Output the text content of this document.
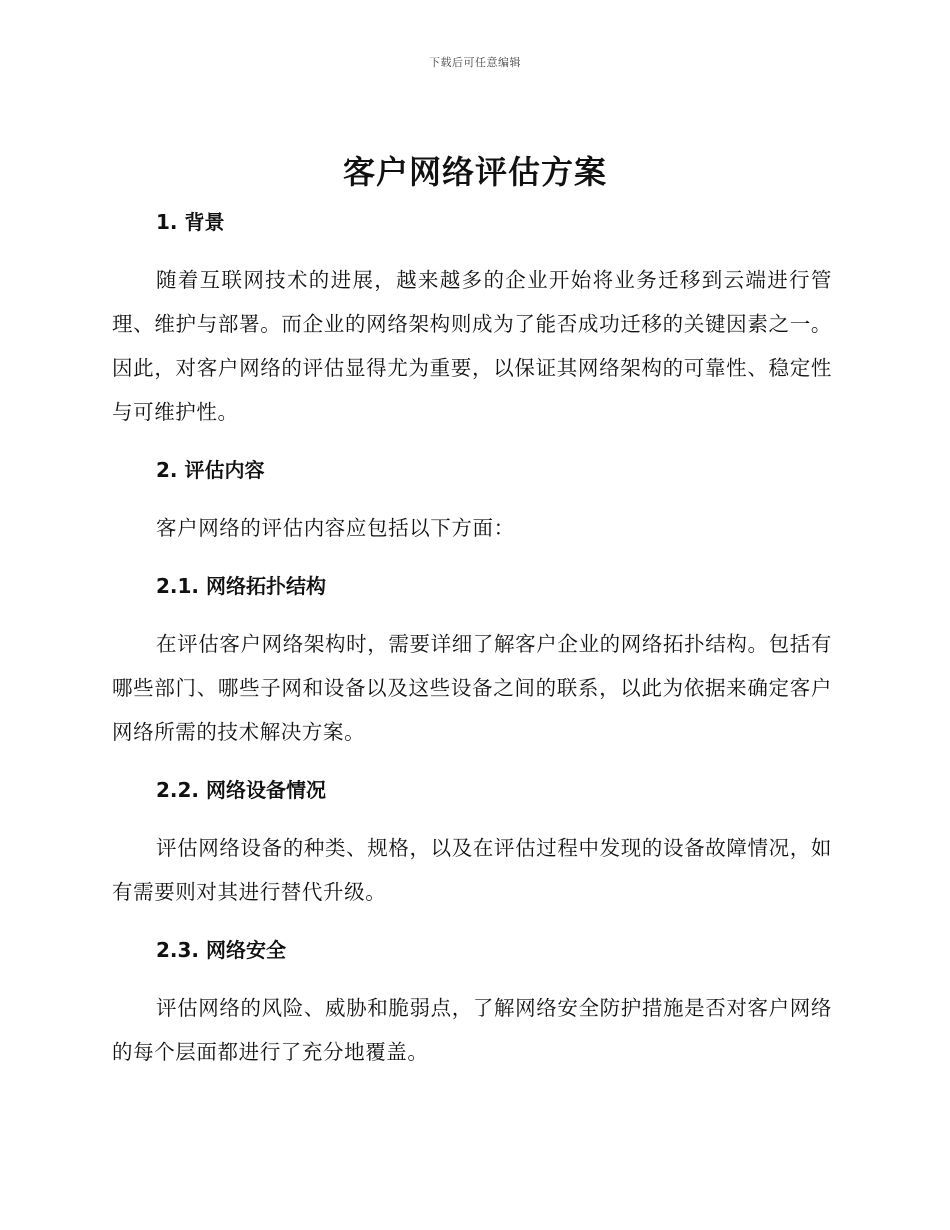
下载后可任意编辑
客户网络评估方案
1. 背景

随着互联网技术的进展，越来越多的企业开始将业务迁移到云端进行管理、维护与部署。而企业的网络架构则成为了能否成功迁移的关键因素之一。因此，对客户网络的评估显得尤为重要，以保证其网络架构的可靠性、稳定性与可维护性。

2. 评估内容

客户网络的评估内容应包括以下方面：

2.1. 网络拓扑结构

在评估客户网络架构时，需要详细了解客户企业的网络拓扑结构。包括有哪些部门、哪些子网和设备以及这些设备之间的联系，以此为依据来确定客户网络所需的技术解决方案。

2.2. 网络设备情况

评估网络设备的种类、规格，以及在评估过程中发现的设备故障情况，如有需要则对其进行替代升级。

2.3. 网络安全

评估网络的风险、威胁和脆弱点，了解网络安全防护措施是否对客户网络的每个层面都进行了充分地覆盖。
